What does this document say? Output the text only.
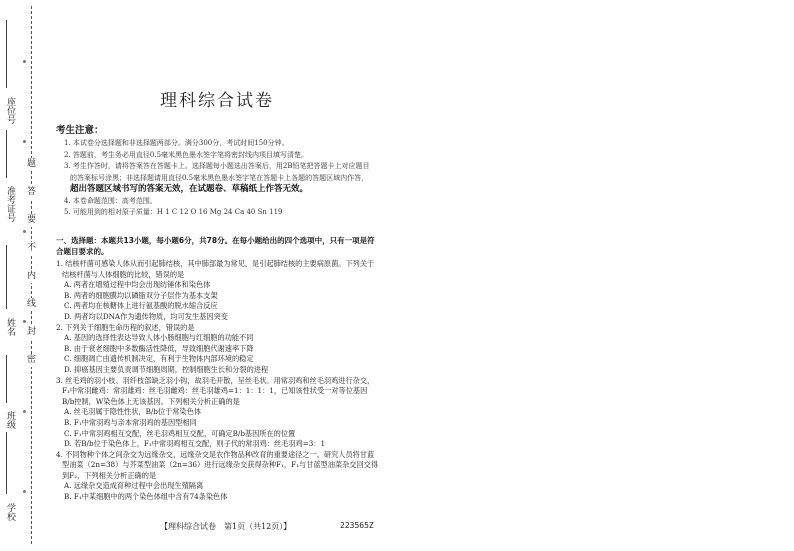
学校
班级
姓名
准考证号
座位号
密
封
线
内
不
要
答
题
理科综合试卷
考生注意：
1. 本试卷分选择题和非选择题两部分。满分300分，考试时间150分钟。
2. 答题前，考生务必用直径0.5毫米黑色墨水签字笔将密封线内项目填写清楚。
3. 考生作答时，请将答案答在答题卡上。选择题每小题选出答案后，用2B铅笔把答题卡上对应题目的答案标号涂黑；非选择题请用直径0.5毫米黑色墨水签字笔在答题卡上各题的答题区域内作答，超出答题区域书写的答案无效，在试题卷、草稿纸上作答无效。
4. 本卷命题范围：高考范围。
5. 可能用到的相对原子质量：H 1 C 12 O 16 Mg 24 Ca 40 Sn 119
一、选择题：本题共13小题，每小题6分，共78分。在每小题给出的四个选项中，只有一项是符合题目要求的。
1. 结核杆菌可感染人体从而引起肺结核，其中肺部最为常见，是引起肺结核的主要病原菌。下列关于结核杆菌与人体细胞的比较，错误的是
A. 两者在增殖过程中均会出现纺锤体和染色体
B. 两者的细胞膜均以磷脂双分子层作为基本支架
C. 两者均在核糖体上进行氨基酸的脱水缩合反应
D. 两者均以DNA作为遗传物质，均可发生基因突变
2. 下列关于细胞生命历程的叙述，错误的是
A. 基因的选择性表达导致人体小肠细胞与红细胞的功能不同
B. 由于衰老细胞中多数酶活性降低，导致细胞代谢速率下降
C. 细胞凋亡由遗传机制决定，有利于生物体内部环境的稳定
D. 抑癌基因主要负责调节细胞周期，控制细胞生长和分裂的进程
3. 丝毛鸡的羽小枝、羽纤枝部缺乏羽小钩，故羽毛开散，呈丝毛状。用常羽鸡和丝毛羽鸡进行杂交，F₁中常羽雌鸡：常羽雄鸡：丝毛羽雌鸡：丝毛羽雄鸡=1：1：1：1，已知该性状受一对等位基因B/b控制，W染色体上无该基因。下列相关分析正确的是
A. 丝毛羽属于隐性性状，B/b位于常染色体
B. F₁中常羽鸡与亲本常羽鸡的基因型相同
C. F₁中常羽鸡相互交配，丝毛羽鸡相互交配，可确定B/b基因所在的位置
D. 若B/b位于染色体上，F₁中常羽鸡相互交配，则子代的常羽鸡：丝毛羽鸡=3：1
4. 不同物种个体之间杂交为远缘杂交，远缘杂交是农作物品种改育的重要途径之一。研究人员将甘蓝型油菜（2n=38）与芥菜型油菜（2n=36）进行远缘杂交获得杂种F₁，F₁与甘蓝型油菜杂交回交得到F₂，下列相关分析正确的是
A. 远缘杂交造成育种过程中会出现生殖隔离
B. F₁中某细胞中的两个染色体组中含有74条染色体
【理科综合试卷　第1页（共12页）】	223565Z
